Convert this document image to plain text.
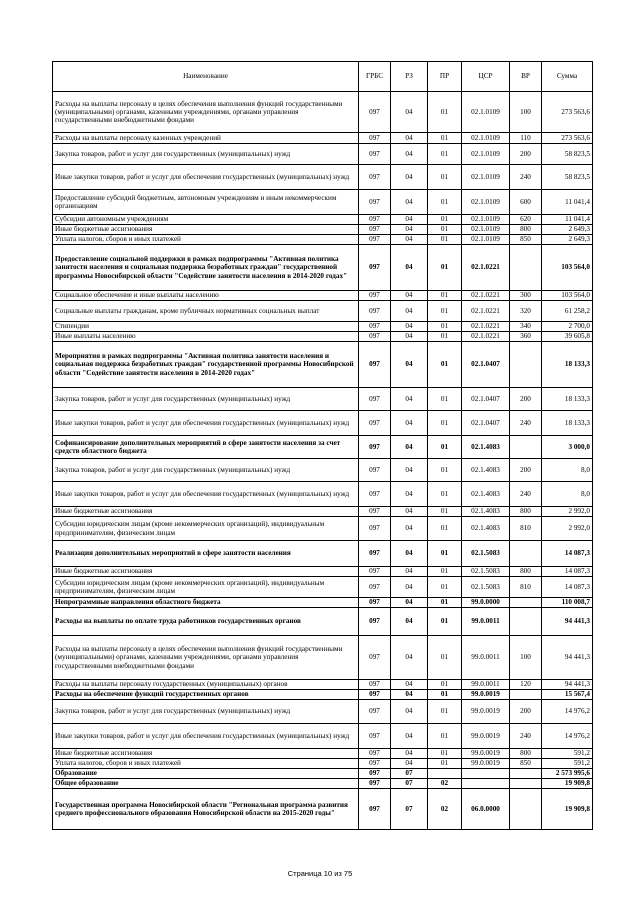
Наименование	ГРБС	РЗ	ПР	ЦСР	ВР	Сумма
Расходы на выплаты персоналу в целях обеспечения выполнения функций государственными (муниципальными) органами, казенными учреждениями, органами управления государственными внебюджетными фондами	097	04	01	02.1.0109	100	273 563,6
Расходы на выплаты персоналу казенных учреждений	097	04	01	02.1.0109	110	273 563,6
Закупка товаров, работ и услуг для государственных (муниципальных) нужд	097	04	01	02.1.0109	200	58 823,5
Иные закупки товаров, работ и услуг для обеспечения государственных (муниципальных) нужд	097	04	01	02.1.0109	240	58 823,5
Предоставление субсидий бюджетным, автономным учреждениям и иным некоммерческим организациям	097	04	01	02.1.0109	600	11 041,4
Субсидии автономным учреждениям	097	04	01	02.1.0109	620	11 041,4
Иные бюджетные ассигнования	097	04	01	02.1.0109	800	2 649,3
Уплата налогов, сборов и иных платежей	097	04	01	02.1.0109	850	2 649,3
Предоставление социальной поддержки в рамках подпрограммы "Активная политика занятости населения и социальная поддержка безработных граждан" государственной программы Новосибирской области "Содействие занятости населения в 2014-2020 годах"	097	04	01	02.1.0221		103 564,0
Социальное обеспечение и иные выплаты населению	097	04	01	02.1.0221	300	103 564,0
Социальные выплаты гражданам, кроме публичных нормативных социальных выплат	097	04	01	02.1.0221	320	61 258,2
Стипендии	097	04	01	02.1.0221	340	2 700,0
Иные выплаты населению	097	04	01	02.1.0221	360	39 605,8
Мероприятия в рамках подпрограммы "Активная политика занятости населения и социальная поддержка безработных граждан" государственной программы Новосибирской области "Содействие занятости населения в 2014-2020 годах"	097	04	01	02.1.0407		18 133,3
Закупка товаров, работ и услуг для государственных (муниципальных) нужд	097	04	01	02.1.0407	200	18 133,3
Иные закупки товаров, работ и услуг для обеспечения государственных (муниципальных) нужд	097	04	01	02.1.0407	240	18 133,3
Софинансирование дополнительных мероприятий в сфере занятости населения за счет средств областного бюджета	097	04	01	02.1.4083		3 000,0
Закупка товаров, работ и услуг для государственных (муниципальных) нужд	097	04	01	02.1.4083	200	8,0
Иные закупки товаров, работ и услуг для обеспечения государственных (муниципальных) нужд	097	04	01	02.1.4083	240	8,0
Иные бюджетные ассигнования	097	04	01	02.1.4083	800	2 992,0
Субсидии юридическим лицам (кроме некоммерческих организаций), индивидуальным предпринимателям, физическим лицам	097	04	01	02.1.4083	810	2 992,0
Реализация дополнительных мероприятий в сфере занятости населения	097	04	01	02.1.5083		14 087,3
Иные бюджетные ассигнования	097	04	01	02.1.5083	800	14 087,3
Субсидии юридическим лицам (кроме некоммерческих организаций), индивидуальным предпринимателям, физическим лицам	097	04	01	02.1.5083	810	14 087,3
Непрограммные направления областного бюджета	097	04	01	99.0.0000		110 008,7
Расходы на выплаты по оплате труда работников государственных органов	097	04	01	99.0.0011		94 441,3
Расходы на выплаты персоналу в целях обеспечения выполнения функций государственными (муниципальными) органами, казенными учреждениями, органами управления государственными внебюджетными фондами	097	04	01	99.0.0011	100	94 441,3
Расходы на выплаты персоналу государственных (муниципальных) органов	097	04	01	99.0.0011	120	94 441,3
Расходы на обеспечение функций государственных органов	097	04	01	99.0.0019		15 567,4
Закупка товаров, работ и услуг для государственных (муниципальных) нужд	097	04	01	99.0.0019	200	14 976,2
Иные закупки товаров, работ и услуг для обеспечения государственных (муниципальных) нужд	097	04	01	99.0.0019	240	14 976,2
Иные бюджетные ассигнования	097	04	01	99.0.0019	800	591,2
Уплата налогов, сборов и иных платежей	097	04	01	99.0.0019	850	591,2
Образование	097	07				2 573 995,6
Общее образование	097	07	02			19 909,8
Государственная программа Новосибирской области "Региональная программа развития среднего профессионального образования Новосибирской области на 2015-2020 годы"	097	07	02	06.0.0000		19 909,8
Страница 10 из 75
